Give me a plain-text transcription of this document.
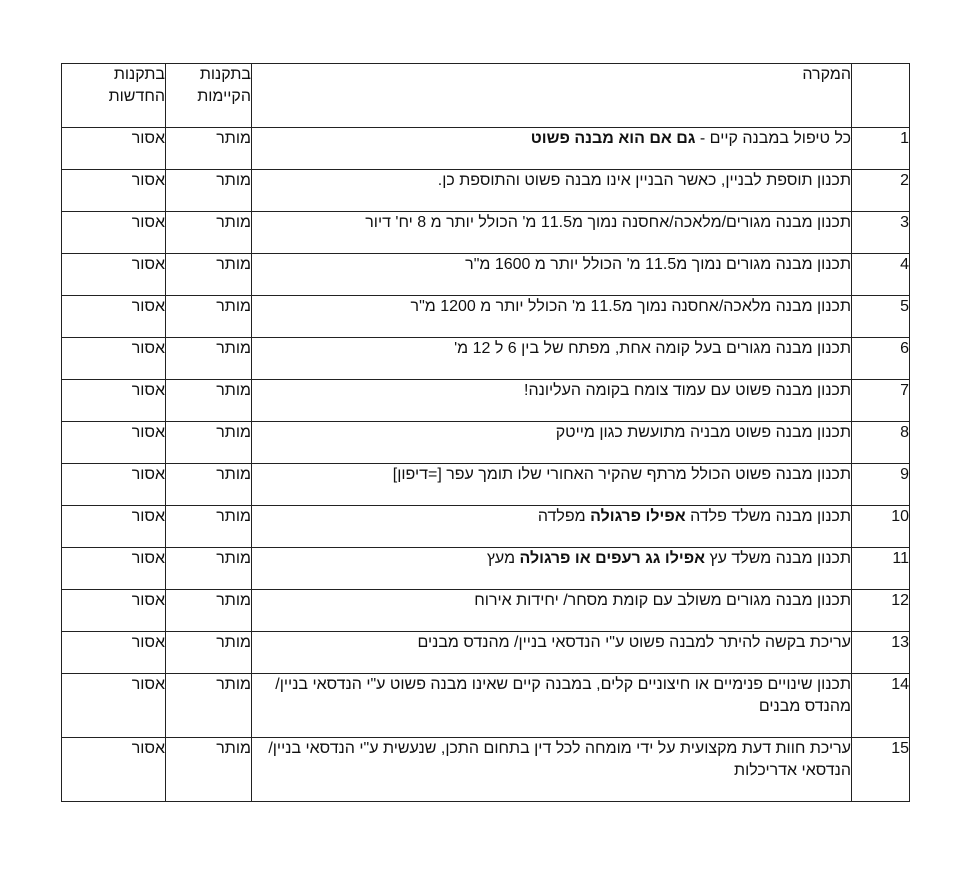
	המקרה	בתקנות הקיימות	בתקנות החדשות
1	כל טיפול במבנה קיים - גם אם הוא מבנה פשוט	מותר	אסור
2	תכנון תוספת לבניין, כאשר הבניין אינו מבנה פשוט והתוספת כן.	מותר	אסור
3	תכנון מבנה מגורים/מלאכה/אחסנה נמוך מ11.5 מ' הכולל יותר מ 8 יח' דיור	מותר	אסור
4	תכנון מבנה מגורים נמוך מ11.5 מ' הכולל יותר מ 1600 מ"ר	מותר	אסור
5	תכנון מבנה מלאכה/אחסנה נמוך מ11.5 מ' הכולל יותר מ 1200 מ"ר	מותר	אסור
6	תכנון מבנה מגורים בעל קומה אחת, מפתח של בין 6 ל 12 מ'	מותר	אסור
7	תכנון מבנה פשוט עם עמוד צומח בקומה העליונה!	מותר	אסור
8	תכנון מבנה פשוט מבניה מתועשת כגון מייטק	מותר	אסור
9	תכנון מבנה פשוט הכולל מרתף שהקיר האחורי שלו תומך עפר [=דיפון]	מותר	אסור
10	תכנון מבנה משלד פלדה אפילו פרגולה מפלדה	מותר	אסור
11	תכנון מבנה משלד עץ אפילו גג רעפים או פרגולה מעץ	מותר	אסור
12	תכנון מבנה מגורים משולב עם קומת מסחר/ יחידות אירוח	מותר	אסור
13	עריכת בקשה להיתר למבנה פשוט ע"י הנדסאי בניין/ מהנדס מבנים	מותר	אסור
14	תכנון שינויים פנימיים או חיצוניים קלים, במבנה קיים שאינו מבנה פשוט ע"י הנדסאי בניין/ מהנדס מבנים	מותר	אסור
15	עריכת חוות דעת מקצועית על ידי מומחה לכל דין בתחום התכן, שנעשית ע"י הנדסאי בניין/ הנדסאי אדריכלות	מותר	אסור
